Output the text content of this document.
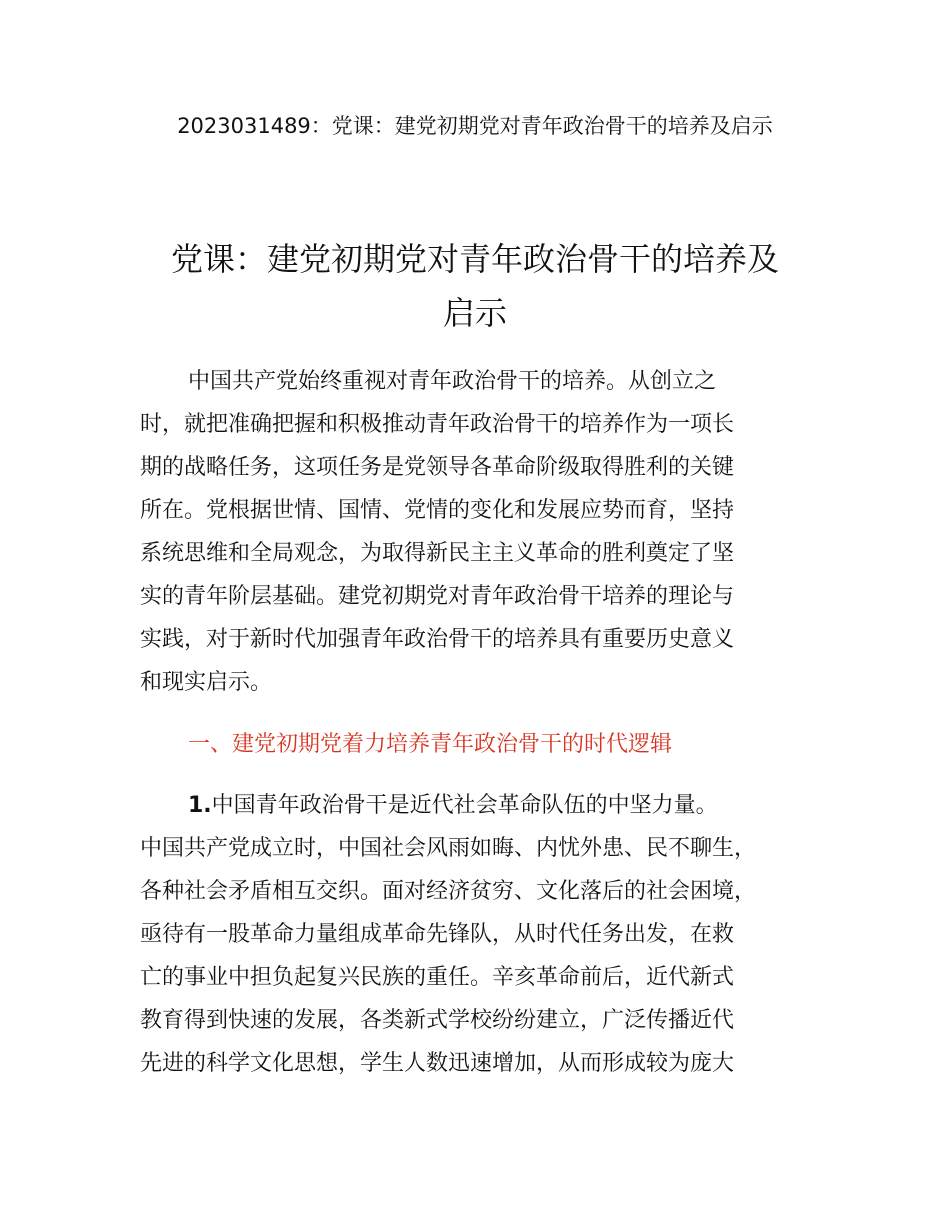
2023031489：党课：建党初期党对青年政治骨干的培养及启示
党课：建党初期党对青年政治骨干的培养及
启示
中国共产党始终重视对青年政治骨干的培养。从创立之
时，就把准确把握和积极推动青年政治骨干的培养作为一项长
期的战略任务，这项任务是党领导各革命阶级取得胜利的关键
所在。党根据世情、国情、党情的变化和发展应势而育，坚持
系统思维和全局观念，为取得新民主主义革命的胜利奠定了坚
实的青年阶层基础。建党初期党对青年政治骨干培养的理论与
实践，对于新时代加强青年政治骨干的培养具有重要历史意义
和现实启示。
一、建党初期党着力培养青年政治骨干的时代逻辑
1.中国青年政治骨干是近代社会革命队伍的中坚力量。
中国共产党成立时，中国社会风雨如晦、内忧外患、民不聊生，
各种社会矛盾相互交织。面对经济贫穷、文化落后的社会困境，
亟待有一股革命力量组成革命先锋队，从时代任务出发，在救
亡的事业中担负起复兴民族的重任。辛亥革命前后，近代新式
教育得到快速的发展，各类新式学校纷纷建立，广泛传播近代
先进的科学文化思想，学生人数迅速增加，从而形成较为庞大
